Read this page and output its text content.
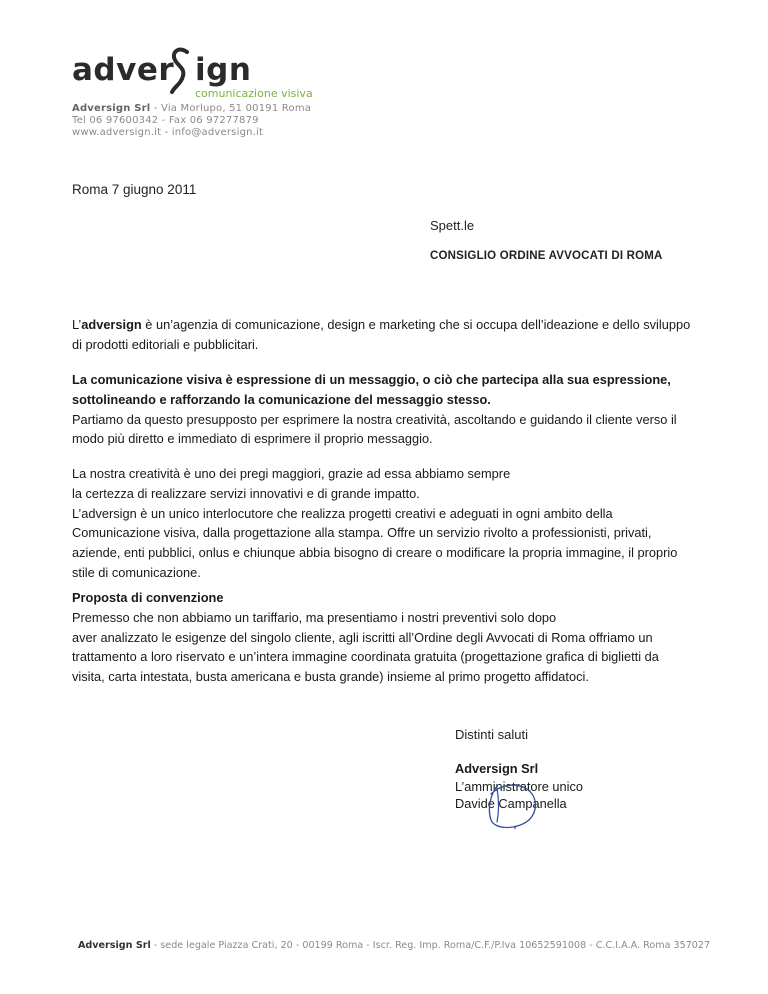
adver ign
comunicazione visiva
Adversign Srl - Via Morlupo, 51 00191 Roma
Tel 06 97600342 - Fax 06 97277879
www.adversign.it - info@adversign.it
Roma 7 giugno 2011
Spett.le
CONSIGLIO ORDINE AVVOCATI DI ROMA

L’adversign è un’agenzia di comunicazione, design e marketing che si occupa dell’ideazione e dello sviluppo

di prodotti editoriali e pubblicitari.

La comunicazione visiva è espressione di un messaggio, o ciò che partecipa alla sua espressione,

sottolineando e rafforzando la comunicazione del messaggio stesso.

Partiamo da questo presupposto per esprimere la nostra creatività, ascoltando e guidando il cliente verso il

modo più diretto e immediato di esprimere il proprio messaggio.

La nostra creatività è uno dei pregi maggiori, grazie ad essa abbiamo sempre

la certezza di realizzare servizi innovativi e di grande impatto.

L’adversign è un unico interlocutore che realizza progetti creativi e adeguati in ogni ambito della

Comunicazione visiva, dalla progettazione alla stampa. Offre un servizio rivolto a professionisti, privati,

aziende, enti pubblici, onlus e chiunque abbia bisogno di creare o modificare la propria immagine, il proprio

stile di comunicazione.

Proposta di convenzione

Premesso che non abbiamo un tariffario, ma presentiamo i nostri preventivi solo dopo

aver analizzato le esigenze del singolo cliente, agli iscritti all’Ordine degli Avvocati di Roma offriamo un

trattamento a loro riservato e un’intera immagine coordinata gratuita (progettazione grafica di biglietti da

visita, carta intestata, busta americana e busta grande) insieme al primo progetto affidatoci.

Distinti saluti
Adversign Srl
L’amministratore unico
Davide Campanella
Adversign Srl - sede legale Piazza Crati, 20 - 00199 Roma - Iscr. Reg. Imp. Roma/C.F./P.Iva 10652591008 - C.C.I.A.A. Roma 357027
